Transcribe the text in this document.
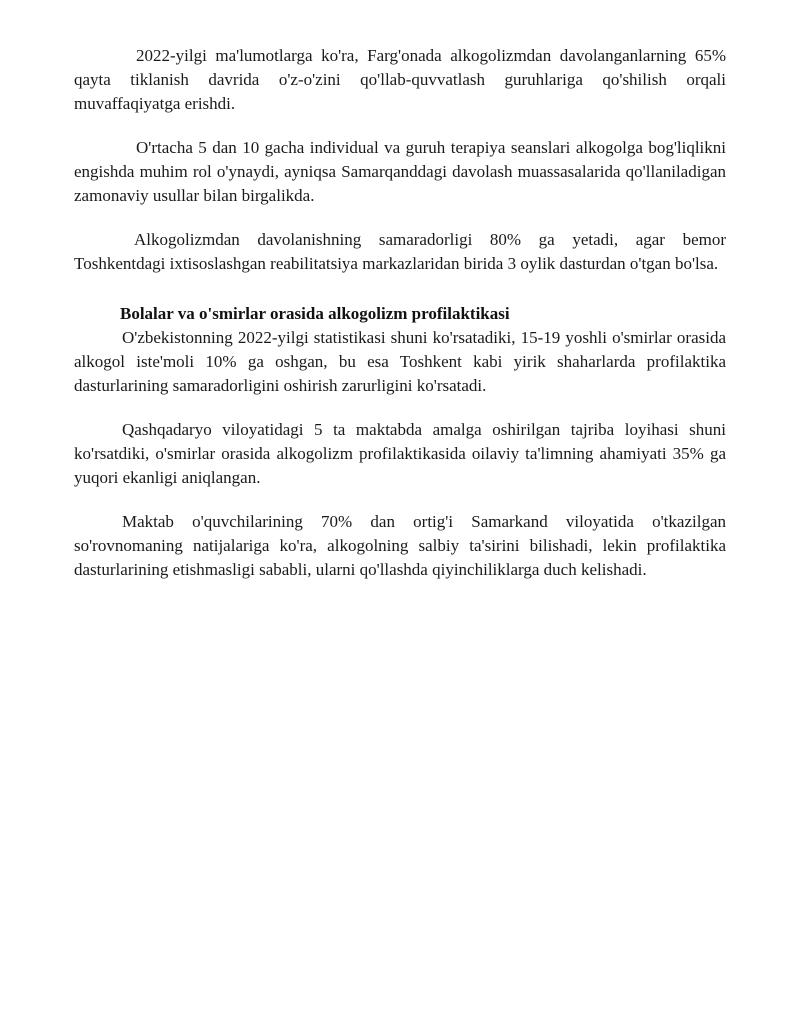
2022-yilgi ma'lumotlarga ko'ra, Farg'onada alkogolizmdan davolanganlarning 65% qayta tiklanish davrida o'z-o'zini qo'llab-quvvatlash guruhlariga qo'shilish orqali muvaffaqiyatga erishdi.

O'rtacha 5 dan 10 gacha individual va guruh terapiya seanslari alkogolga bog'liqlikni engishda muhim rol o'ynaydi, ayniqsa Samarqanddagi davolash muassasalarida qo'llaniladigan zamonaviy usullar bilan birgalikda.

Alkogolizmdan davolanishning samaradorligi 80% ga yetadi, agar bemor Toshkentdagi ixtisoslashgan reabilitatsiya markazlaridan birida 3 oylik dasturdan o'tgan bo'lsa.

Bolalar va o'smirlar orasida alkogolizm profilaktikasi

O'zbekistonning 2022-yilgi statistikasi shuni ko'rsatadiki, 15-19 yoshli o'smirlar orasida alkogol iste'moli 10% ga oshgan, bu esa Toshkent kabi yirik shaharlarda profilaktika dasturlarining samaradorligini oshirish zarurligini ko'rsatadi.

Qashqadaryo viloyatidagi 5 ta maktabda amalga oshirilgan tajriba loyihasi shuni ko'rsatdiki, o'smirlar orasida alkogolizm profilaktikasida oilaviy ta'limning ahamiyati 35% ga yuqori ekanligi aniqlangan.

Maktab o'quvchilarining 70% dan ortig'i Samarkand viloyatida o'tkazilgan so'rovnomaning natijalariga ko'ra, alkogolning salbiy ta'sirini bilishadi, lekin profilaktika dasturlarining etishmasligi sababli, ularni qo'llashda qiyinchiliklarga duch kelishadi.
